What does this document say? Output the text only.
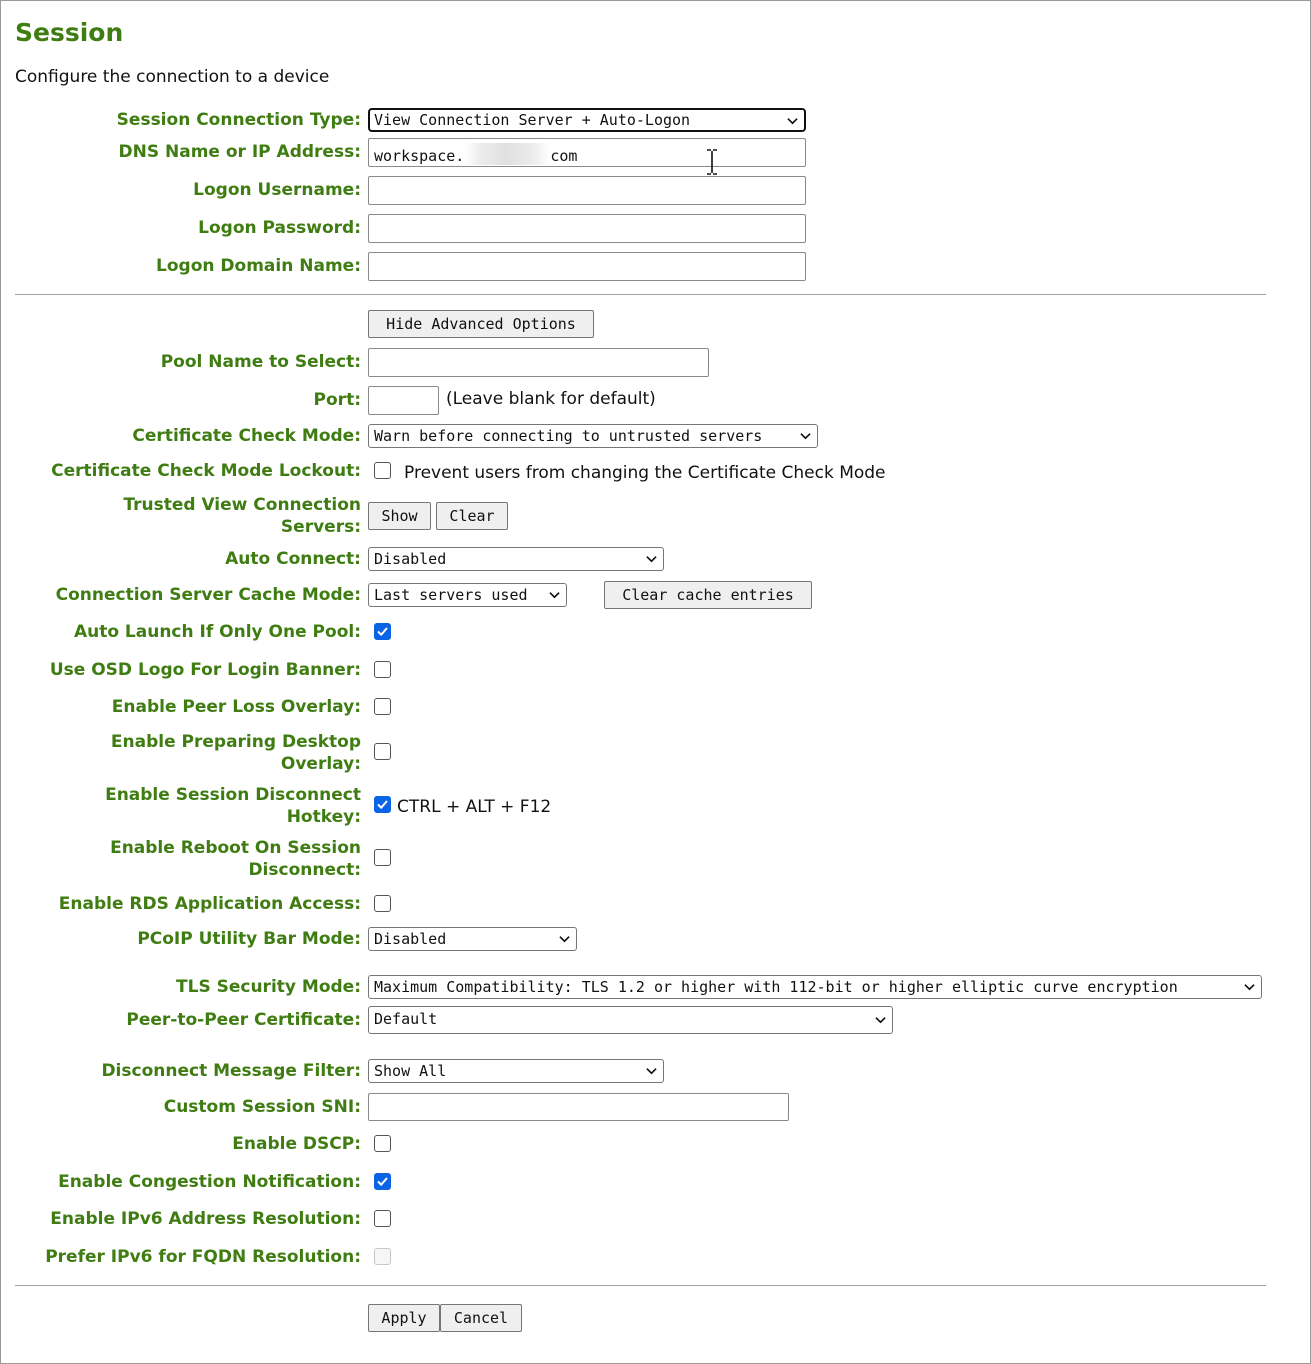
Session
Configure the connection to a device
Session Connection Type: View Connection Server + Auto-Logon
DNS Name or IP Address: workspace.	com
Logon Username:
Logon Password:
Logon Domain Name:
Hide Advanced Options
Pool Name to Select:
Port:	(Leave blank for default)
Certificate Check Mode: Warn before connecting to untrusted servers
Certificate Check Mode Lockout:	Prevent users from changing the Certificate Check Mode
Trusted View Connection
Servers:
Show	Clear
Auto Connect: Disabled
Connection Server Cache Mode: Last servers used	Clear cache entries
Auto Launch If Only One Pool:
Use OSD Logo For Login Banner:
Enable Peer Loss Overlay:
Enable Preparing Desktop
Overlay:
Enable Session Disconnect
Hotkey: CTRL + ALT + F12
Enable Reboot On Session
Disconnect:
Enable RDS Application Access:
PCoIP Utility Bar Mode: Disabled
TLS Security Mode: Maximum Compatibility: TLS 1.2 or higher with 112-bit or higher elliptic curve encryption
Peer-to-Peer Certificate: Default
Disconnect Message Filter: Show All
Custom Session SNI:
Enable DSCP:
Enable Congestion Notification:
Enable IPv6 Address Resolution:
Prefer IPv6 for FQDN Resolution:
Apply	Cancel
